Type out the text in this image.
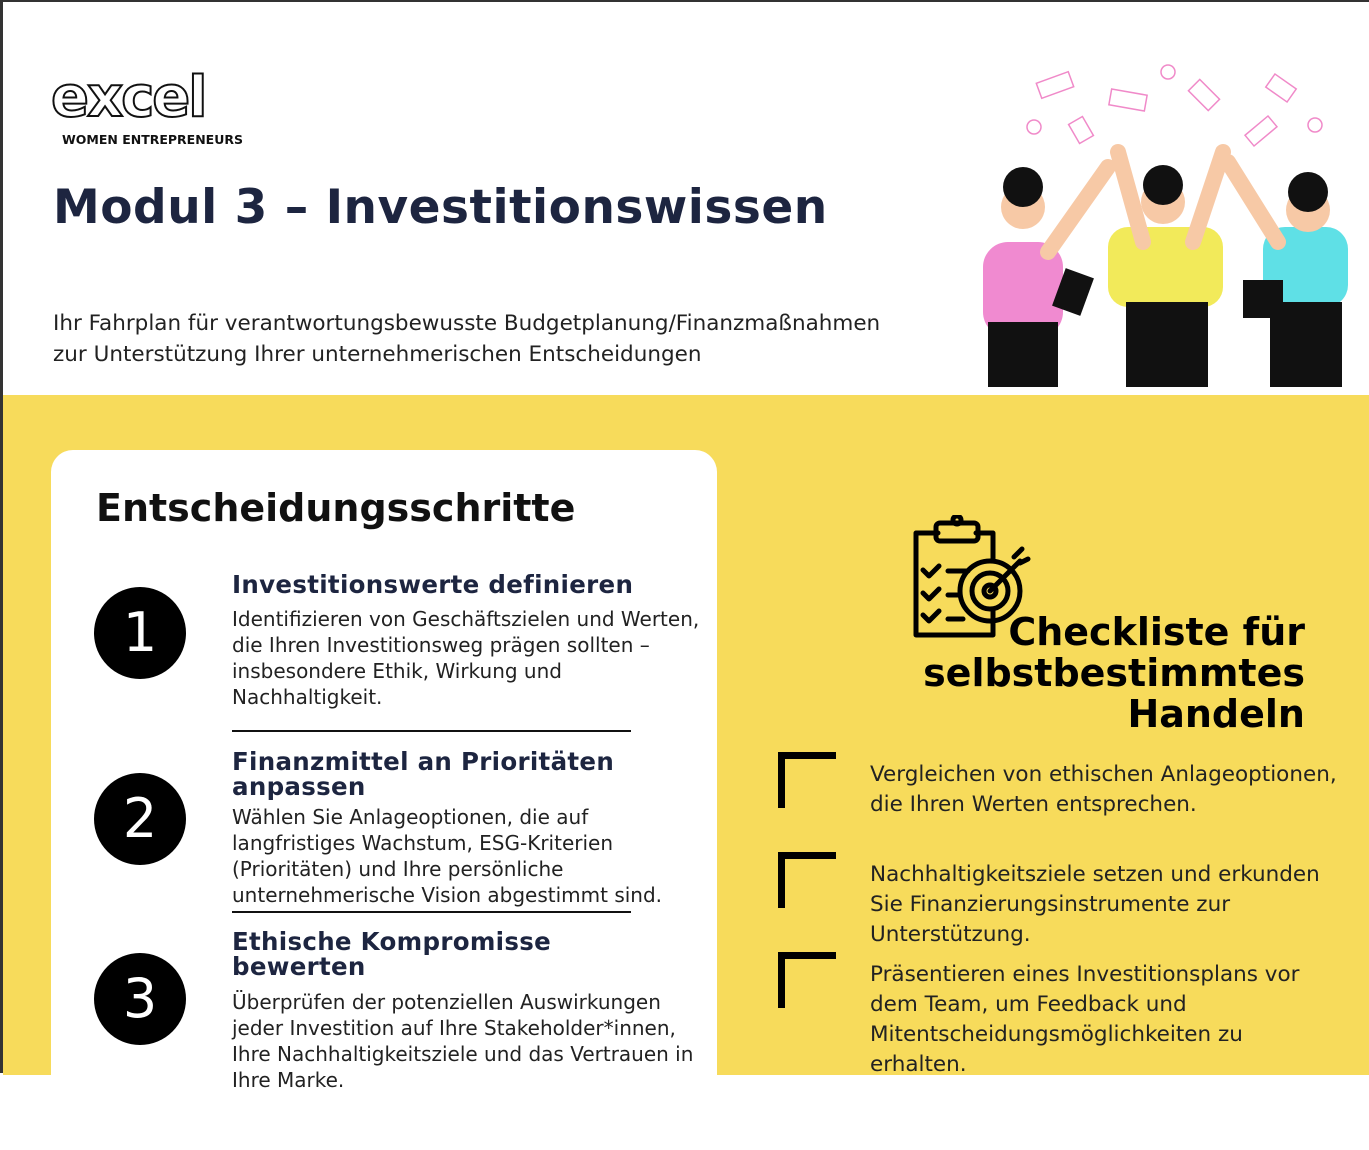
excel
WOMEN ENTREPRENEURS
Modul 3 – Investitionswissen
Ihr Fahrplan für verantwortungsbewusste Budgetplanung/Finanzmaßnahmen
zur Unterstützung Ihrer unternehmerischen Entscheidungen
Entscheidungsschritte
1
Investitionswerte definieren
Identifizieren von Geschäftszielen und Werten, die Ihren Investitionsweg prägen sollten – insbesondere Ethik, Wirkung und Nachhaltigkeit.
2
Finanzmittel an Prioritäten anpassen
Wählen Sie Anlageoptionen, die auf langfristiges Wachstum, ESG-Kriterien (Prioritäten) und Ihre persönliche unternehmerische Vision abgestimmt sind.
3
Ethische Kompromisse bewerten
Überprüfen der potenziellen Auswirkungen jeder Investition auf Ihre Stakeholder*innen, Ihre Nachhaltigkeitsziele und das Vertrauen in Ihre Marke.
Checkliste für selbstbestimmtes Handeln
Vergleichen von ethischen Anlageoptionen, die Ihren Werten entsprechen.
Nachhaltigkeitsziele setzen und erkunden Sie Finanzierungsinstrumente zur Unterstützung.
Präsentieren eines Investitionsplans vor dem Team, um Feedback und Mitentscheidungsmöglichkeiten zu erhalten.
